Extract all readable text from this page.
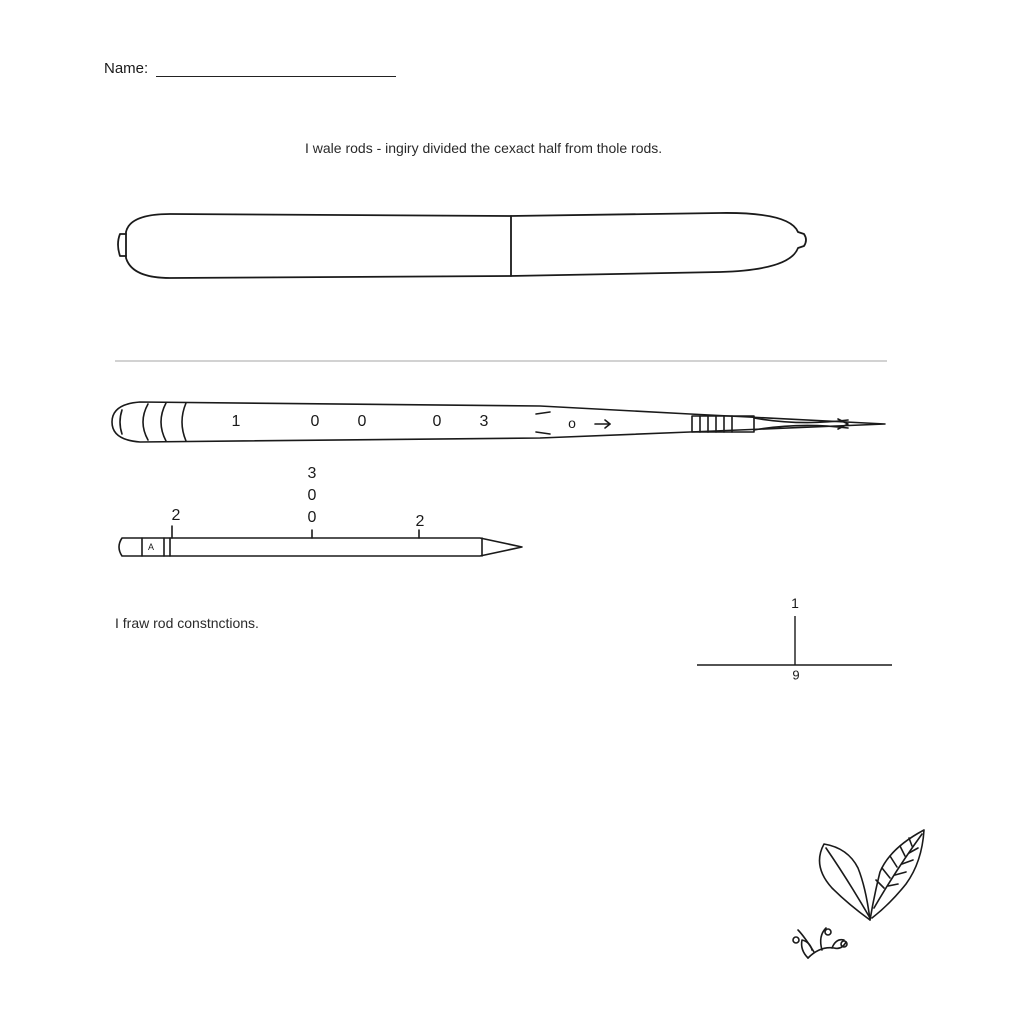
Name:
I wale rods - ingiry divided the cexact half from thole rods.
1	0 0	0 3	o
A
2
3
0
0	2
I frаw rod constnctions.
1
9
